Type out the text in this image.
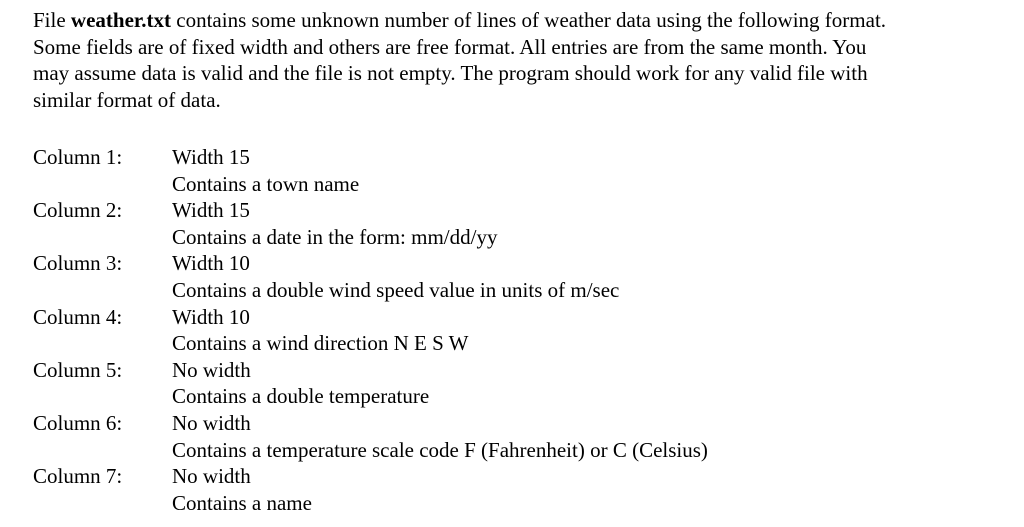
File weather.txt contains some unknown number of lines of weather data using the following format.
Some fields are of fixed width and others are free format. All entries are from the same month. You
may assume data is valid and the file is not empty. The program should work for any valid file with
similar format of data.

Column 1:	Width 15
Contains a town name
Column 2:	Width 15
Contains a date in the form: mm/dd/yy
Column 3:	Width 10
Contains a double wind speed value in units of m/sec
Column 4:	Width 10
Contains a wind direction N E S W
Column 5:	No width
Contains a double temperature
Column 6:	No width
Contains a temperature scale code F (Fahrenheit) or C (Celsius)
Column 7:	No width
Contains a name
